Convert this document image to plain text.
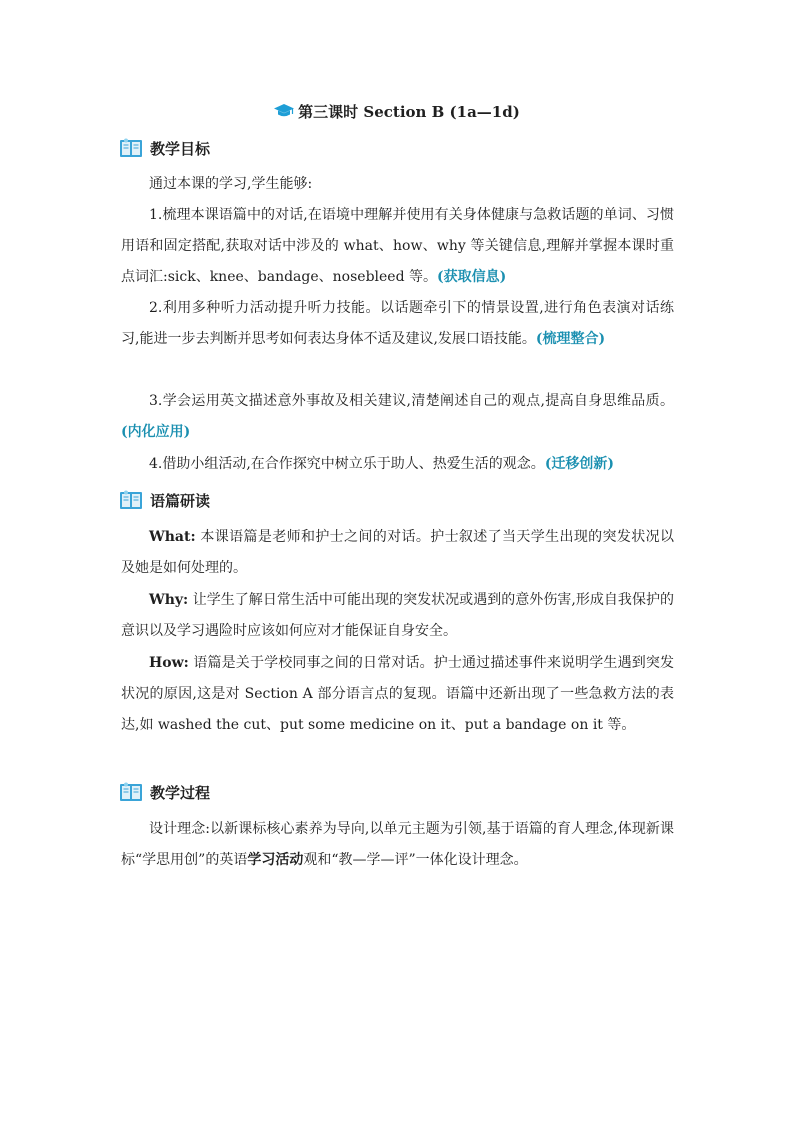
第三课时 Section B (1a—1d)
教学目标

通过本课的学习,学生能够:

1.梳理本课语篇中的对话,在语境中理解并使用有关身体健康与急救话题的单词、习惯用语和固定搭配,获取对话中涉及的 what、how、why 等关键信息,理解并掌握本课时重点词汇:sick、knee、bandage、nosebleed 等。(获取信息)

2.利用多种听力活动提升听力技能。以话题牵引下的情景设置,进行角色表演对话练习,能进一步去判断并思考如何表达身体不适及建议,发展口语技能。(梳理整合)

3.学会运用英文描述意外事故及相关建议,清楚阐述自己的观点,提高自身思维品质。(内化应用)

4.借助小组活动,在合作探究中树立乐于助人、热爱生活的观念。(迁移创新)

语篇研读

What: 本课语篇是老师和护士之间的对话。护士叙述了当天学生出现的突发状况以及她是如何处理的。

Why: 让学生了解日常生活中可能出现的突发状况或遇到的意外伤害,形成自我保护的意识以及学习遇险时应该如何应对才能保证自身安全。

How: 语篇是关于学校同事之间的日常对话。护士通过描述事件来说明学生遇到突发状况的原因,这是对 Section A 部分语言点的复现。语篇中还新出现了一些急救方法的表达,如 washed the cut、put some medicine on it、put a bandage on it 等。

教学过程

设计理念:以新课标核心素养为导向,以单元主题为引领,基于语篇的育人理念,体现新课标“学思用创”的英语学习活动观和“教—学—评”一体化设计理念。
